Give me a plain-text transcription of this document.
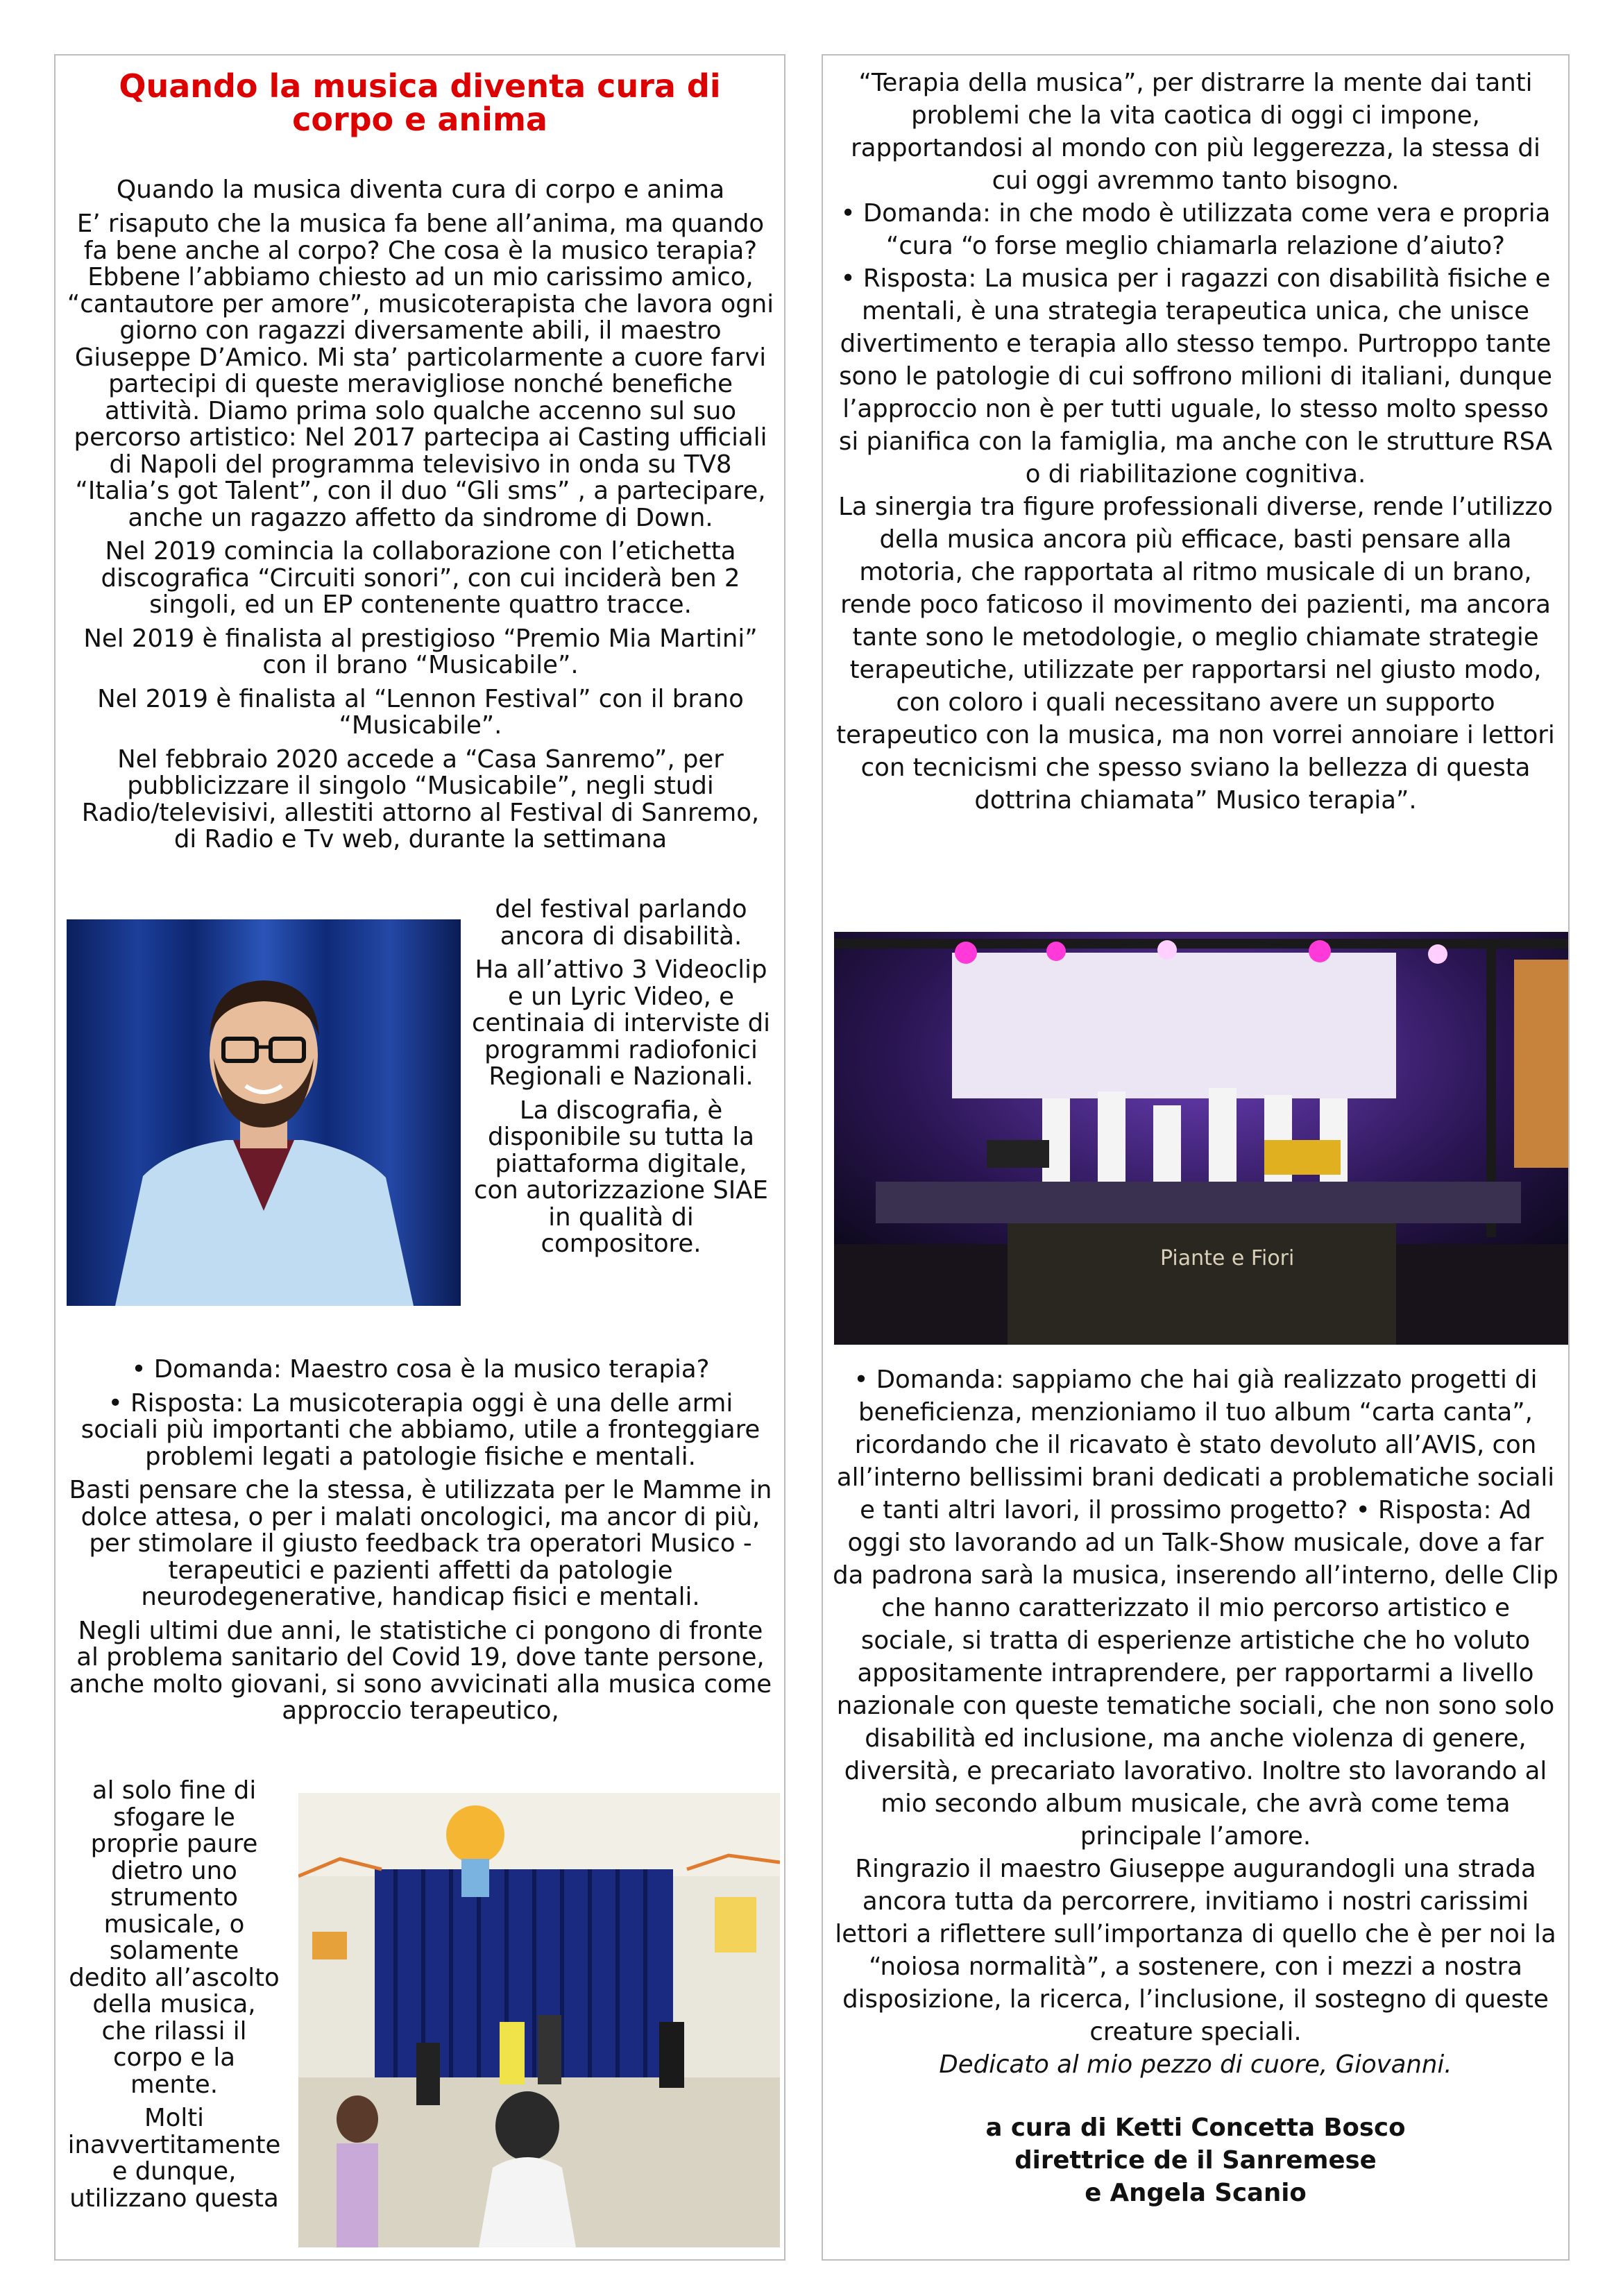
Quando la musica diventa cura di corpo e anima

Quando la musica diventa cura di corpo e anima

E’ risaputo che la musica fa bene all’anima, ma quando fa bene anche al corpo? Che cosa è la musico terapia? Ebbene l’abbiamo chiesto ad un mio carissimo amico, “cantautore per amore”, musicoterapista che lavora ogni giorno con ragazzi diversamente abili, il maestro Giuseppe D’Amico. Mi sta’ particolarmente a cuore farvi partecipi di queste meravigliose nonché benefiche attività. Diamo prima solo qualche accenno sul suo percorso artistico: Nel 2017 partecipa ai Casting ufficiali di Napoli del programma televisivo in onda su TV8 “Italia’s got Talent”, con il duo “Gli sms” , a partecipare, anche un ragazzo affetto da sindrome di Down.

Nel 2019 comincia la collaborazione con l’etichetta discografica “Circuiti sonori”, con cui inciderà ben 2 singoli, ed un EP contenente quattro tracce.

Nel 2019 è finalista al prestigioso “Premio Mia Martini” con il brano “Musicabile”.

Nel 2019 è finalista al “Lennon Festival” con il brano “Musicabile”.

Nel febbraio 2020 accede a “Casa Sanremo”, per pubblicizzare il singolo “Musicabile”, negli studi Radio/televisivi, allestiti attorno al Festival di Sanremo, di Radio e Tv web, durante la settimana

del festival parlando ancora di disabilità.

Ha all’attivo 3 Videoclip e un Lyric Video, e centinaia di interviste di programmi radiofonici Regionali e Nazionali.

La discografia, è disponibile su tutta la piattaforma digitale, con autorizzazione SIAE in qualità di compositore.

• Domanda: Maestro cosa è la musico terapia?

• Risposta: La musicoterapia oggi è una delle armi sociali più importanti che abbiamo, utile a fronteggiare problemi legati a patologie fisiche e mentali.

Basti pensare che la stessa, è utilizzata per le Mamme in dolce attesa, o per i malati oncologici, ma ancor di più, per stimolare il giusto feedback tra operatori Musico - terapeutici e pazienti affetti da patologie neurodegenerative, handicap fisici e mentali.

Negli ultimi due anni, le statistiche ci pongono di fronte al problema sanitario del Covid 19, dove tante persone, anche molto giovani, si sono avvicinati alla musica come approccio terapeutico,

al solo fine di sfogare le proprie paure dietro uno strumento musicale, o solamente dedito all’ascolto della musica, che rilassi il corpo e la mente.

Molti inavvertitamente e dunque, utilizzano questa

“Terapia della musica”, per distrarre la mente dai tanti problemi che la vita caotica di oggi ci impone, rapportandosi al mondo con più leggerezza, la stessa di cui oggi avremmo tanto bisogno.

• Domanda: in che modo è utilizzata come vera e propria “cura “o forse meglio chiamarla relazione d’aiuto?

• Risposta: La musica per i ragazzi con disabilità fisiche e mentali, è una strategia terapeutica unica, che unisce divertimento e terapia allo stesso tempo. Purtroppo tante sono le patologie di cui soffrono milioni di italiani, dunque l’approccio non è per tutti uguale, lo stesso molto spesso si pianifica con la famiglia, ma anche con le strutture RSA o di riabilitazione cognitiva.

La sinergia tra figure professionali diverse, rende l’utilizzo della musica ancora più efficace, basti pensare alla motoria, che rapportata al ritmo musicale di un brano, rende poco faticoso il movimento dei pazienti, ma ancora tante sono le metodologie, o meglio chiamate strategie terapeutiche, utilizzate per rapportarsi nel giusto modo, con coloro i quali necessitano avere un supporto terapeutico con la musica, ma non vorrei annoiare i lettori con tecnicismi che spesso sviano la bellezza di questa dottrina chiamata” Musico terapia”.

Piante e Fiori

• Domanda: sappiamo che hai già realizzato progetti di beneficienza, menzioniamo il tuo album “carta canta”, ricordando che il ricavato è stato devoluto all’AVIS, con all’interno bellissimi brani dedicati a problematiche sociali e tanti altri lavori, il prossimo progetto? • Risposta: Ad oggi sto lavorando ad un Talk-Show musicale, dove a far da padrona sarà la musica, inserendo all’interno, delle Clip che hanno caratterizzato il mio percorso artistico e sociale, si tratta di esperienze artistiche che ho voluto appositamente intraprendere, per rapportarmi a livello nazionale con queste tematiche sociali, che non sono solo disabilità ed inclusione, ma anche violenza di genere, diversità, e precariato lavorativo. Inoltre sto lavorando al mio secondo album musicale, che avrà come tema principale l’amore.

Ringrazio il maestro Giuseppe augurandogli una strada ancora tutta da percorrere, invitiamo i nostri carissimi lettori a riflettere sull’importanza di quello che è per noi la “noiosa normalità”, a sostenere, con i mezzi a nostra disposizione, la ricerca, l’inclusione, il sostegno di queste creature speciali.

Dedicato al mio pezzo di cuore, Giovanni.

a cura di Ketti Concetta Bosco

direttrice de il Sanremese

e Angela Scanio
